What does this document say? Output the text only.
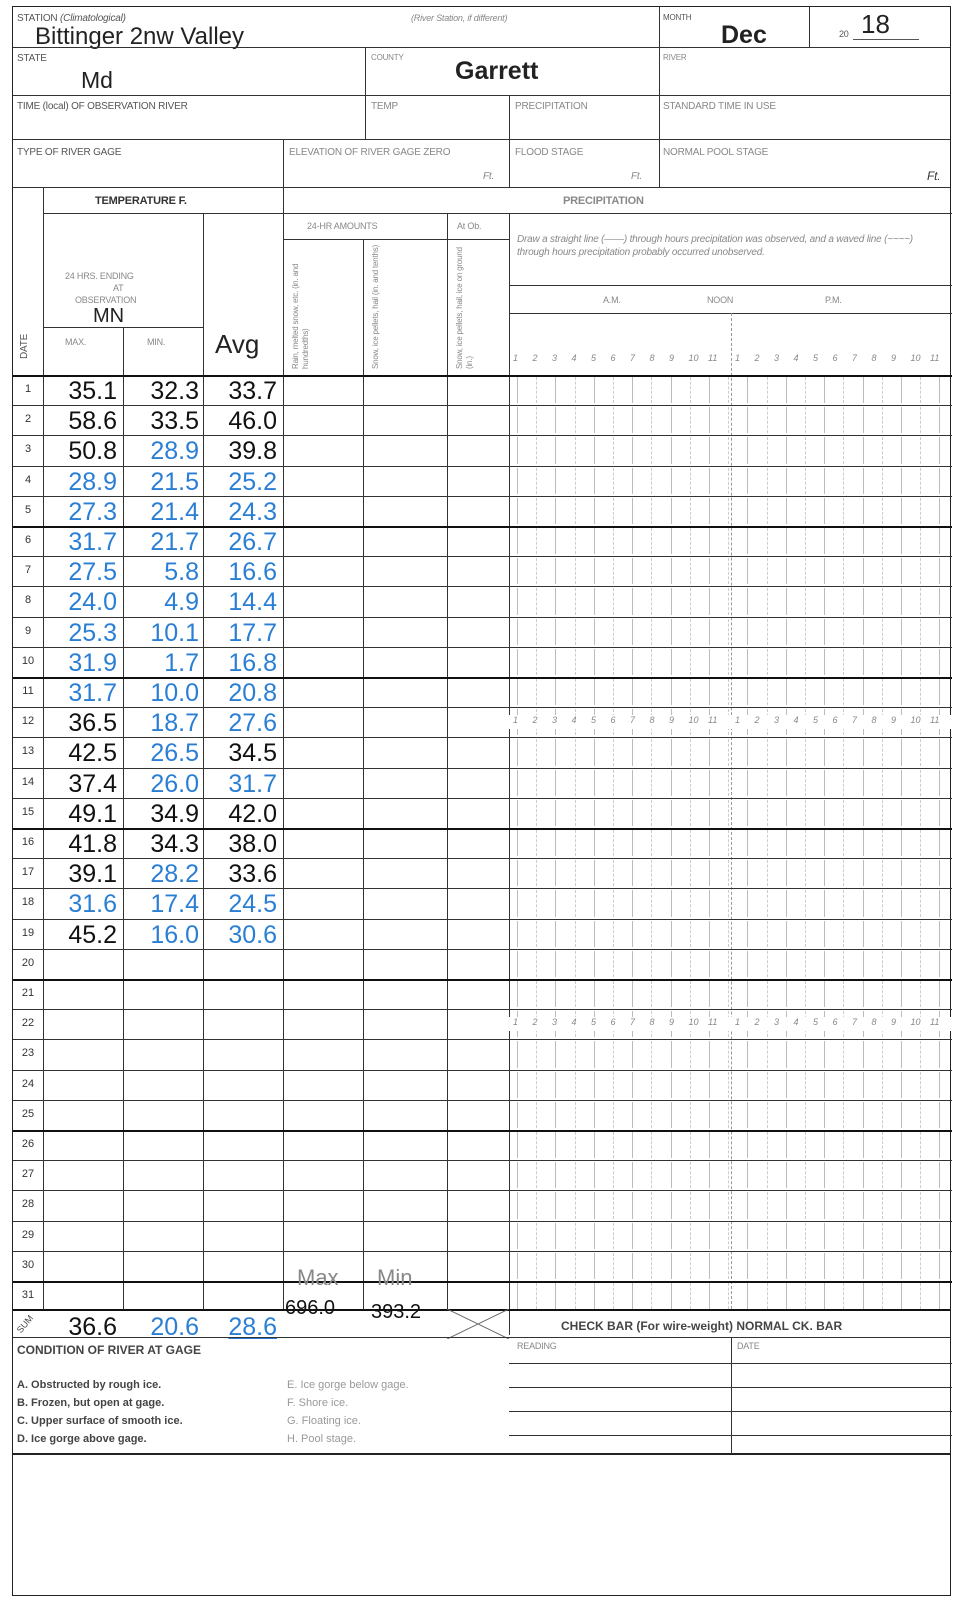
STATION (Climatological)
Bittinger 2nw Valley
(River Station, if different)	MONTH
Dec	20 18
STATE
Md
COUNTY Garrett	RIVER
TIME (local) OF OBSERVATION RIVER	TEMP	PRECIPITATION	STANDARD TIME IN USE
TYPE OF RIVER GAGE	ELEVATION OF RIVER GAGE ZERO
Ft.
FLOOD STAGE
Ft.
NORMAL POOL STAGE
Ft.
DATE
TEMPERATURE F.
24 HRS. ENDING
AT
OBSERVATION
MN
MAX.	MIN. Avg
PRECIPITATION
24-HR AMOUNTS	At Ob.
Rain, melted snow, etc. (in. and hundredths)	Snow, ice pellets, hail (in. and tenths)	Snow, ice pellets, hail, ice on ground (in.)
Draw a straight line (——) through hours precipitation was observed, and a waved line (~~~~) through hours precipitation probably occurred unobserved.
A.M.	NOON	P.M.
1	1
2	2
3	3
4	4
5	5
6	6
7	7
8	8
9	9
10	10
11	11
1	35.1	32.3	33.7
2	58.6	33.5	46.0
3	50.8	28.9	39.8
4	28.9	21.5	25.2
5	27.3	21.4	24.3
6	31.7	21.7	26.7
7	27.5	5.8	16.6
8	24.0	4.9	14.4
9	25.3	10.1	17.7
10	31.9	1.7	16.8
11	31.7	10.0	20.8
12	36.5	18.7	27.6
13	42.5	26.5	34.5
14	37.4	26.0	31.7
15	49.1	34.9	42.0
16	41.8	34.3	38.0
17	39.1	28.2	33.6
18	31.6	17.4	24.5
19	45.2	16.0	30.6
20
21
22
23
24
25
26
27
28
29
30
31
1	1
2	2
3	3
4	4
5	5
6	6
7	7
8	8
9	9
10	10
11	11
1	1
2	2
3	3
4	4
5	5
6	6
7	7
8	8
9	9
10	10
11	11
Max Min
696.0 393.2
SUM	36.6	20.6	28.6	CHECK BAR (For wire-weight) NORMAL CK. BAR
CONDITION OF RIVER AT GAGE	READING	DATE
A. Obstructed by rough ice.
B. Frozen, but open at gage.
C. Upper surface of smooth ice.
D. Ice gorge above gage.
E. Ice gorge below gage.
F. Shore ice.
G. Floating ice.
H. Pool stage.
